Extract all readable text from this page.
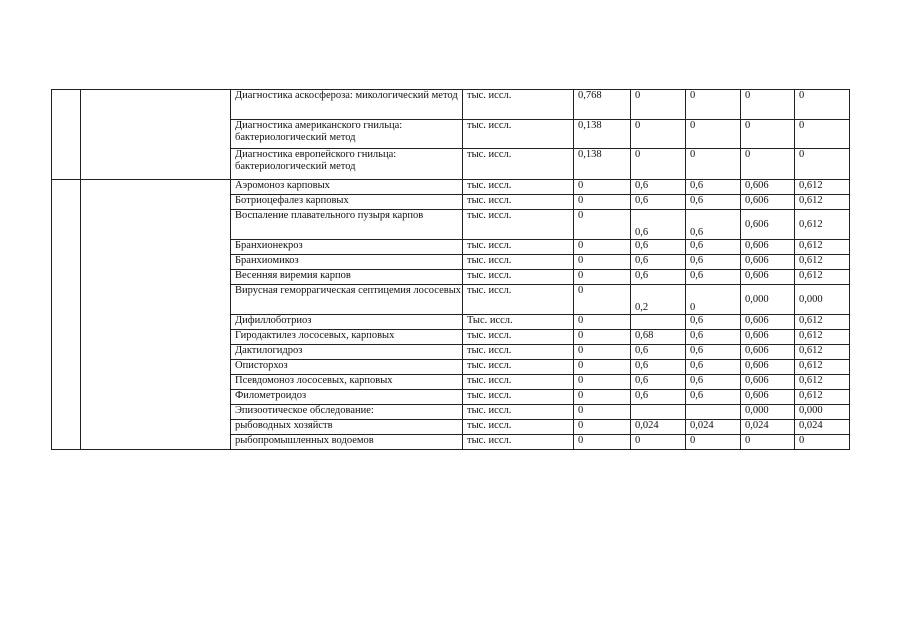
		Диагностика аскосфероза: микологический метод	тыс. иссл.	0,768	0	0	0	0
		Диагностика американского гнильца: бактериологический метод	тыс. иссл.	0,138	0	0	0	0
		Диагностика европейского гнильца: бактериологический метод	тыс. иссл.	0,138	0	0	0	0
		Аэромоноз карповых	тыс. иссл.	0	0,6	0,6	0,606	0,612
		Ботриоцефалез карповых	тыс. иссл.	0	0,6	0,6	0,606	0,612
		Воспаление плавательного пузыря карпов	тыс. иссл.	0	0,6	0,6	0,606	0,612
		Бранхионекроз	тыс. иссл.	0	0,6	0,6	0,606	0,612
		Бранхиомикоз	тыс. иссл.	0	0,6	0,6	0,606	0,612
		Весенняя виремия карпов	тыс. иссл.	0	0,6	0,6	0,606	0,612
		Вирусная геморрагическая септицемия лососевых	тыс. иссл.	0	0,2	0	0,000	0,000
		Дифиллоботриоз	Тыс. иссл.	0		0,6	0,606	0,612
		Гиродактилез лососевых, карповых	тыс. иссл.	0	0,68	0,6	0,606	0,612
		Дактилогидроз	тыс. иссл.	0	0,6	0,6	0,606	0,612
		Описторхоз	тыс. иссл.	0	0,6	0,6	0,606	0,612
		Псевдомоноз лососевых, карповых	тыс. иссл.	0	0,6	0,6	0,606	0,612
		Филометроидоз	тыс. иссл.	0	0,6	0,6	0,606	0,612
		Эпизоотическое обследование:	тыс. иссл.	0			0,000	0,000
		рыбоводных хозяйств	тыс. иссл.	0	0,024	0,024	0,024	0,024
		рыбопромышленных водоемов	тыс. иссл.	0	0	0	0	0
